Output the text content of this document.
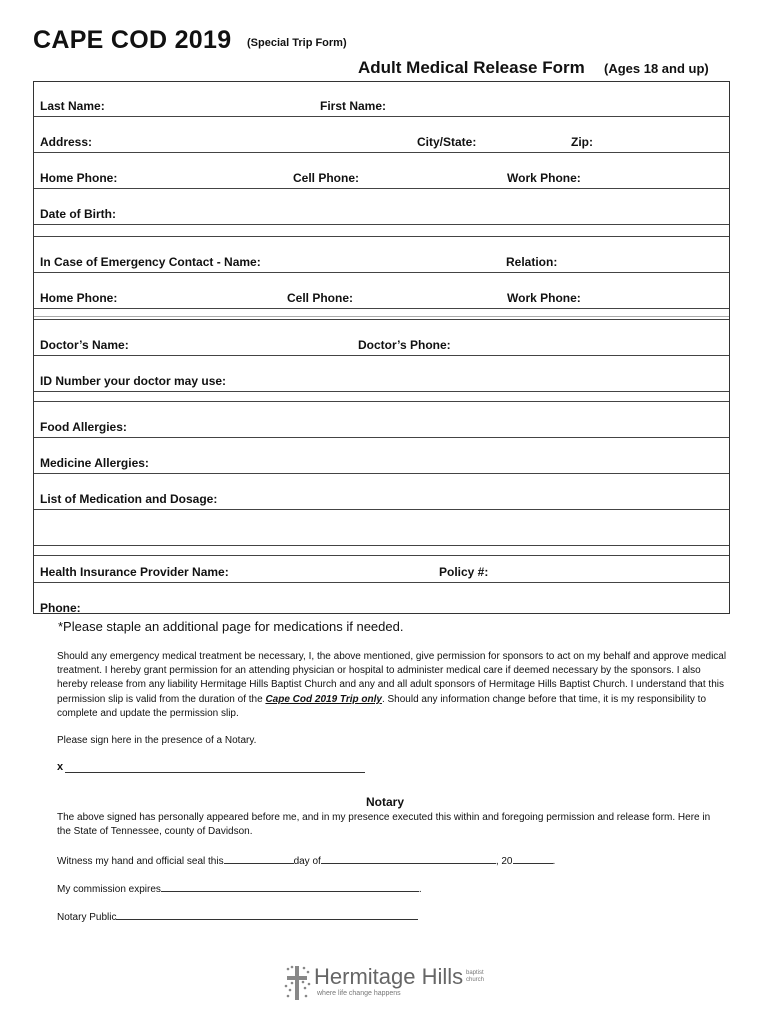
CAPE COD 2019 (Special Trip Form)
Adult Medical Release Form (Ages 18 and up)
Last Name:	First Name:
Address:	City/State:	Zip:
Home Phone:	Cell Phone:	Work Phone:
Date of Birth:
In Case of Emergency Contact - Name:	Relation:
Home Phone:	Cell Phone:	Work Phone:
Doctor’s Name:	Doctor’s Phone:
ID Number your doctor may use:
Food Allergies:
Medicine Allergies:
List of Medication and Dosage:
Health Insurance Provider Name:	Policy #:
Phone:
*Please staple an additional page for medications if needed.
Should any emergency medical treatment be necessary, I, the above mentioned, give permission for sponsors to act on my behalf and approve medical treatment. I hereby grant permission for an attending physician or hospital to administer medical care if deemed necessary by the sponsors. I also hereby release from any liability Hermitage Hills Baptist Church and any and all adult sponsors of Hermitage Hills Baptist Church. I understand that this permission slip is valid from the duration of the Cape Cod 2019 Trip only. Should any information change before that time, it is my responsibility to complete and update the permission slip.
Please sign here in the presence of a Notary.
x
Notary
The above signed has personally appeared before me, and in my presence executed this within and foregoing permission and release form. Here in the State of Tennessee, county of Davidson.
Witness my hand and official seal this	day of	, 20	.
My commission expires	.
Notary Public
Hermitage Hills
where life change happens
baptist
church
